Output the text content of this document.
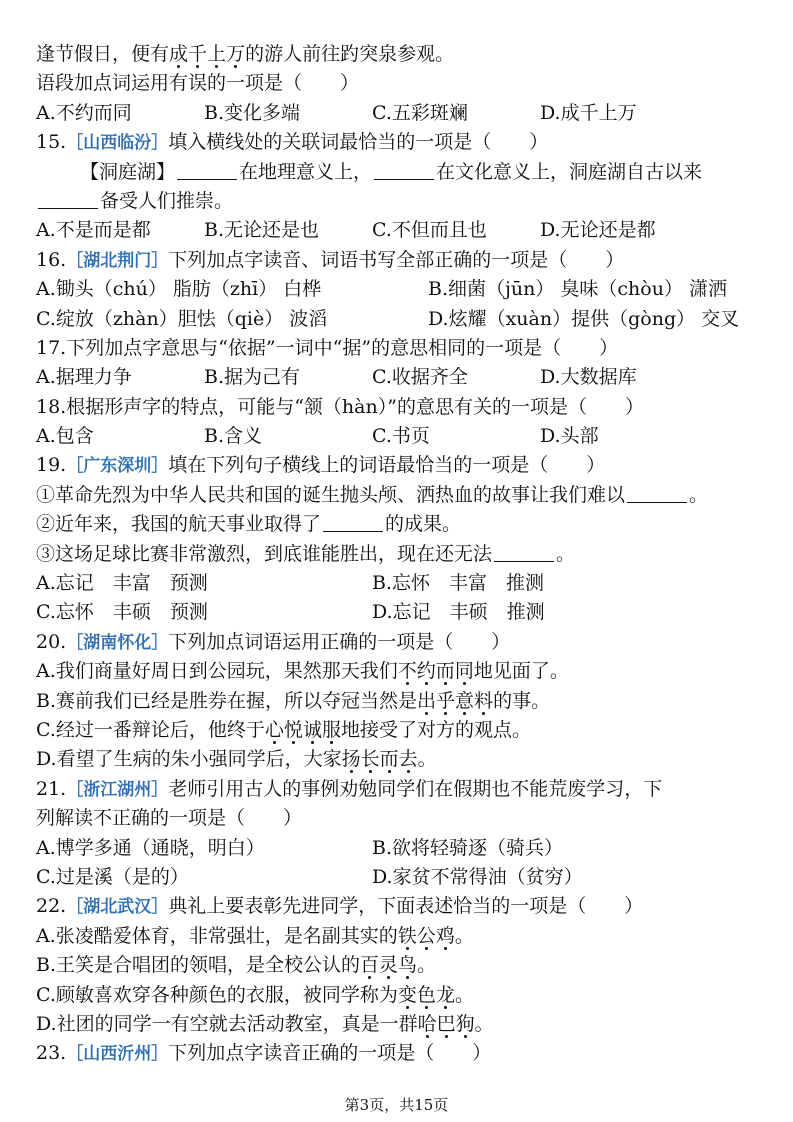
逢节假日，便有成千上万的游人前往趵突泉参观。
语段加点词运用有误的一项是（　　）
A.不约而同	B.变化多端	C.五彩斑斓	D.成千上万
15.［山西临汾］填入横线处的关联词最恰当的一项是（　　）
【洞庭湖】	在地理意义上，	在文化意义上，洞庭湖自古以来
备受人们推崇。
A.不是而是都	B.无论还是也	C.不但而且也	D.无论还是都
16.［湖北荆门］下列加点字读音、词语书写全部正确的一项是（　　）
A.锄头（chú） 脂肪（zhī） 白桦	B.细菌（jūn） 臭味（chòu） 潇洒
C.绽放（zhàn）胆怯（qiè） 波滔	D.炫耀（xuàn）提供（gòng） 交叉
17.下列加点字意思与“依据”一词中“据”的意思相同的一项是（　　）
A.据理力争	B.据为己有	C.收据齐全	D.大数据库
18.根据形声字的特点，可能与“颔（hàn）”的意思有关的一项是（　　）
A.包含	B.含义	C.书页	D.头部
19.［广东深圳］填在下列句子横线上的词语最恰当的一项是（　　）
①革命先烈为中华人民共和国的诞生抛头颅、洒热血的故事让我们难以	。
②近年来，我国的航天事业取得了	的成果。
③这场足球比赛非常激烈，到底谁能胜出，现在还无法	。
A.忘记　丰富　预测	B.忘怀　丰富　推测
C.忘怀　丰硕　预测	D.忘记　丰硕　推测
20.［湖南怀化］下列加点词语运用正确的一项是（　　）
A.我们商量好周日到公园玩，果然那天我们不约而同地见面了。
B.赛前我们已经是胜券在握，所以夺冠当然是出乎意料的事。
C.经过一番辩论后，他终于心悦诚服地接受了对方的观点。
D.看望了生病的朱小强同学后，大家扬长而去。
21.［浙江湖州］老师引用古人的事例劝勉同学们在假期也不能荒废学习，下
列解读不正确的一项是（　　）
A.博学多通（通晓，明白）	B.欲将轻骑逐（骑兵）
C.过是溪（是的）	D.家贫不常得油（贫穷）
22.［湖北武汉］典礼上要表彰先进同学，下面表述恰当的一项是（　　）
A.张凌酷爱体育，非常强壮，是名副其实的铁公鸡。
B.王笑是合唱团的领唱，是全校公认的百灵鸟。
C.顾敏喜欢穿各种颜色的衣服，被同学称为变色龙。
D.社团的同学一有空就去活动教室，真是一群哈巴狗。
23.［山西沂州］下列加点字读音正确的一项是（　　）
第3页，共15页
